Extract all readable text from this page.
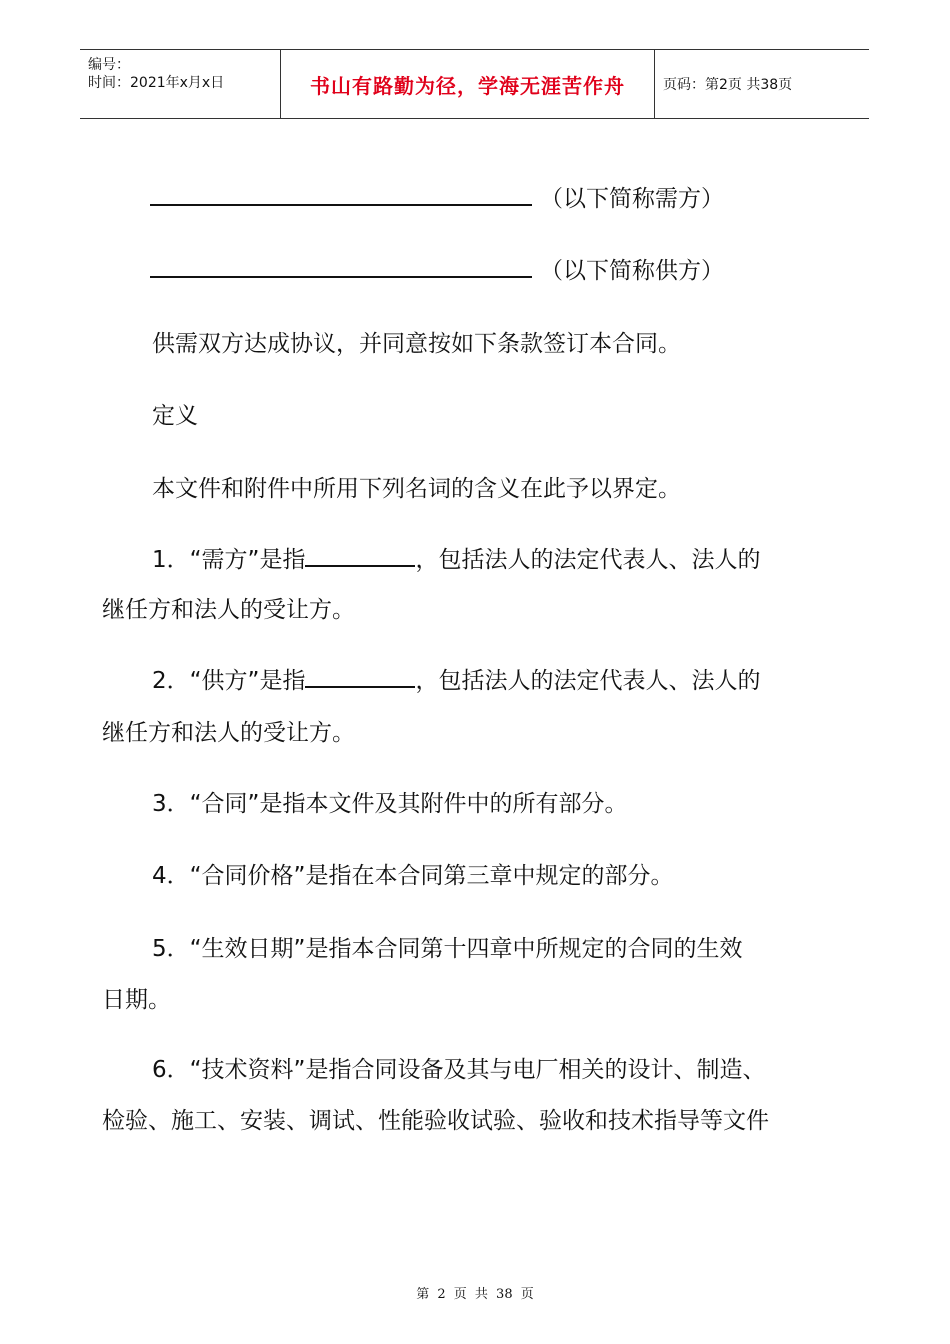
编号：
时间：2021年x月x日	书山有路勤为径，学海无涯苦作舟	页码：第2页 共38页
（以下简称需方）
（以下简称供方）
供需双方达成协议，并同意按如下条款签订本合同。
定义
本文件和附件中所用下列名词的含义在此予以界定。
1．“需方”是指	，包括法人的法定代表人、法人的
继任方和法人的受让方。
2．“供方”是指	，包括法人的法定代表人、法人的
继任方和法人的受让方。
3．“合同”是指本文件及其附件中的所有部分。
4．“合同价格”是指在本合同第三章中规定的部分。
5．“生效日期”是指本合同第十四章中所规定的合同的生效
日期。
6．“技术资料”是指合同设备及其与电厂相关的设计、制造、
检验、施工、安装、调试、性能验收试验、验收和技术指导等文件
第 2 页 共 38 页
